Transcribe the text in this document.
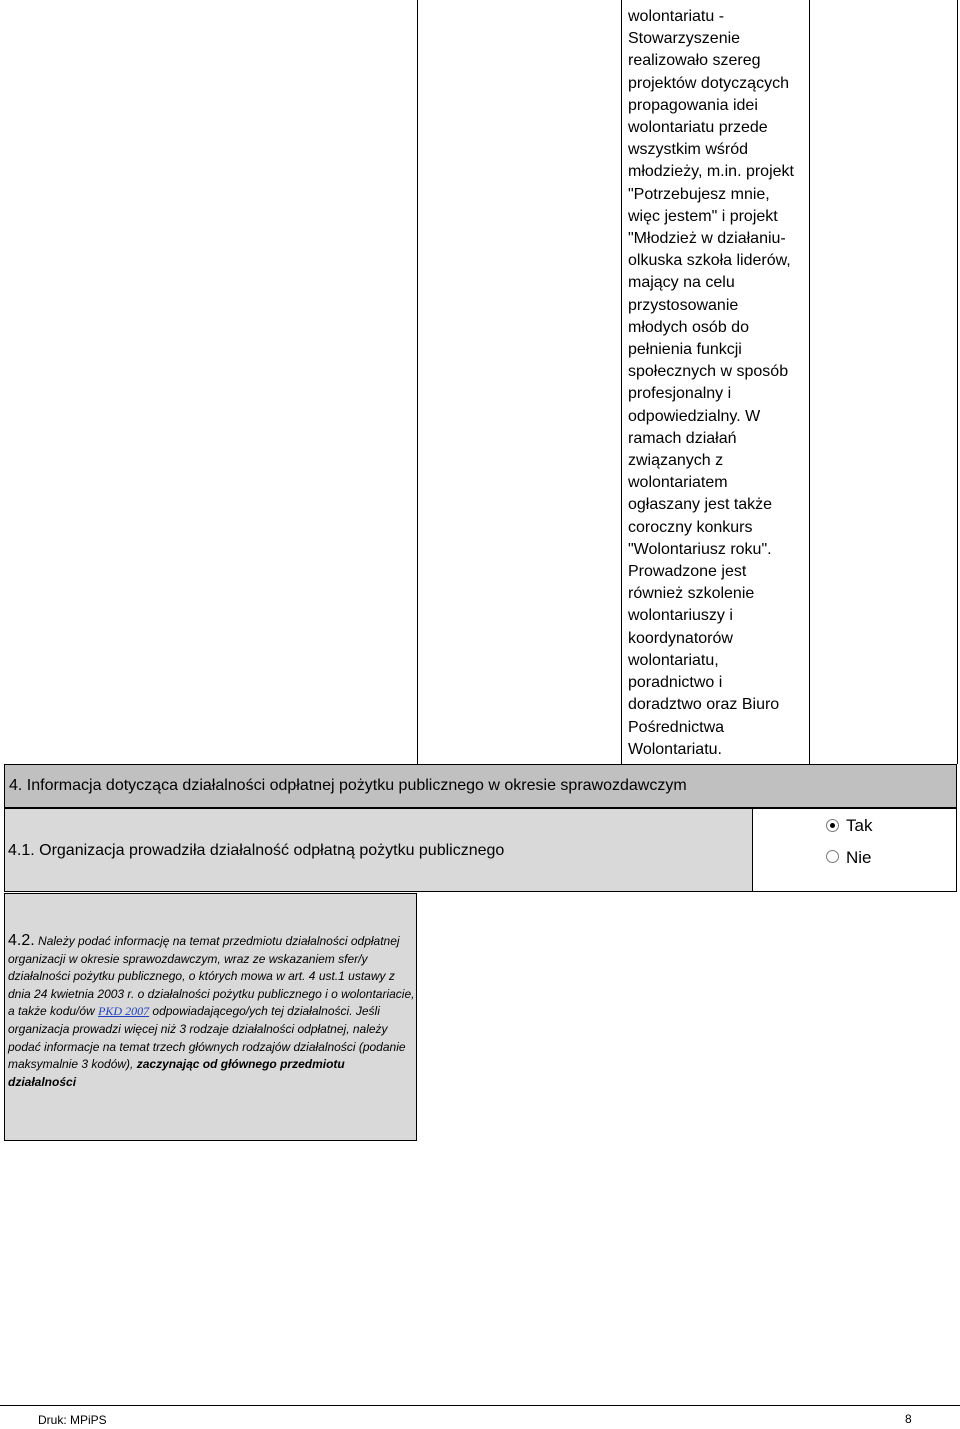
wolontariatu -

Stowarzyszenie

realizowało szereg

projektów dotyczących

propagowania idei

wolontariatu przede

wszystkim wśród

młodzieży, m.in. projekt

"Potrzebujesz mnie,

więc jestem" i projekt

"Młodzież w działaniu-

olkuska szkoła liderów,

mający na celu

przystosowanie

młodych osób do

pełnienia funkcji

społecznych w sposób

profesjonalny i

odpowiedzialny. W

ramach działań

związanych z

wolontariatem

ogłaszany jest także

coroczny konkurs

"Wolontariusz roku".

Prowadzone jest

również szkolenie

wolontariuszy i

koordynatorów

wolontariatu,

poradnictwo i

doradztwo oraz Biuro

Pośrednictwa

Wolontariatu.

4. Informacja dotycząca działalności odpłatnej pożytku publicznego w okresie sprawozdawczym
4.1. Organizacja prowadziła działalność odpłatną pożytku publicznego
Tak
Nie
4.2. Należy podać informację na temat przedmiotu działalności odpłatnej organizacji w okresie sprawozdawczym, wraz ze wskazaniem sfer/y działalności pożytku publicznego, o których mowa w art. 4 ust.1 ustawy z dnia 24 kwietnia 2003 r. o działalności pożytku publicznego i o wolontariacie, a także kodu/ów PKD 2007 odpowiadającego/ych tej działalności. Jeśli organizacja prowadzi więcej niż 3 rodzaje działalności odpłatnej, należy podać informacje na temat trzech głównych rodzajów działalności (podanie maksymalnie 3 kodów), zaczynając od głównego przedmiotu działalności
Druk: MPiPS	8
